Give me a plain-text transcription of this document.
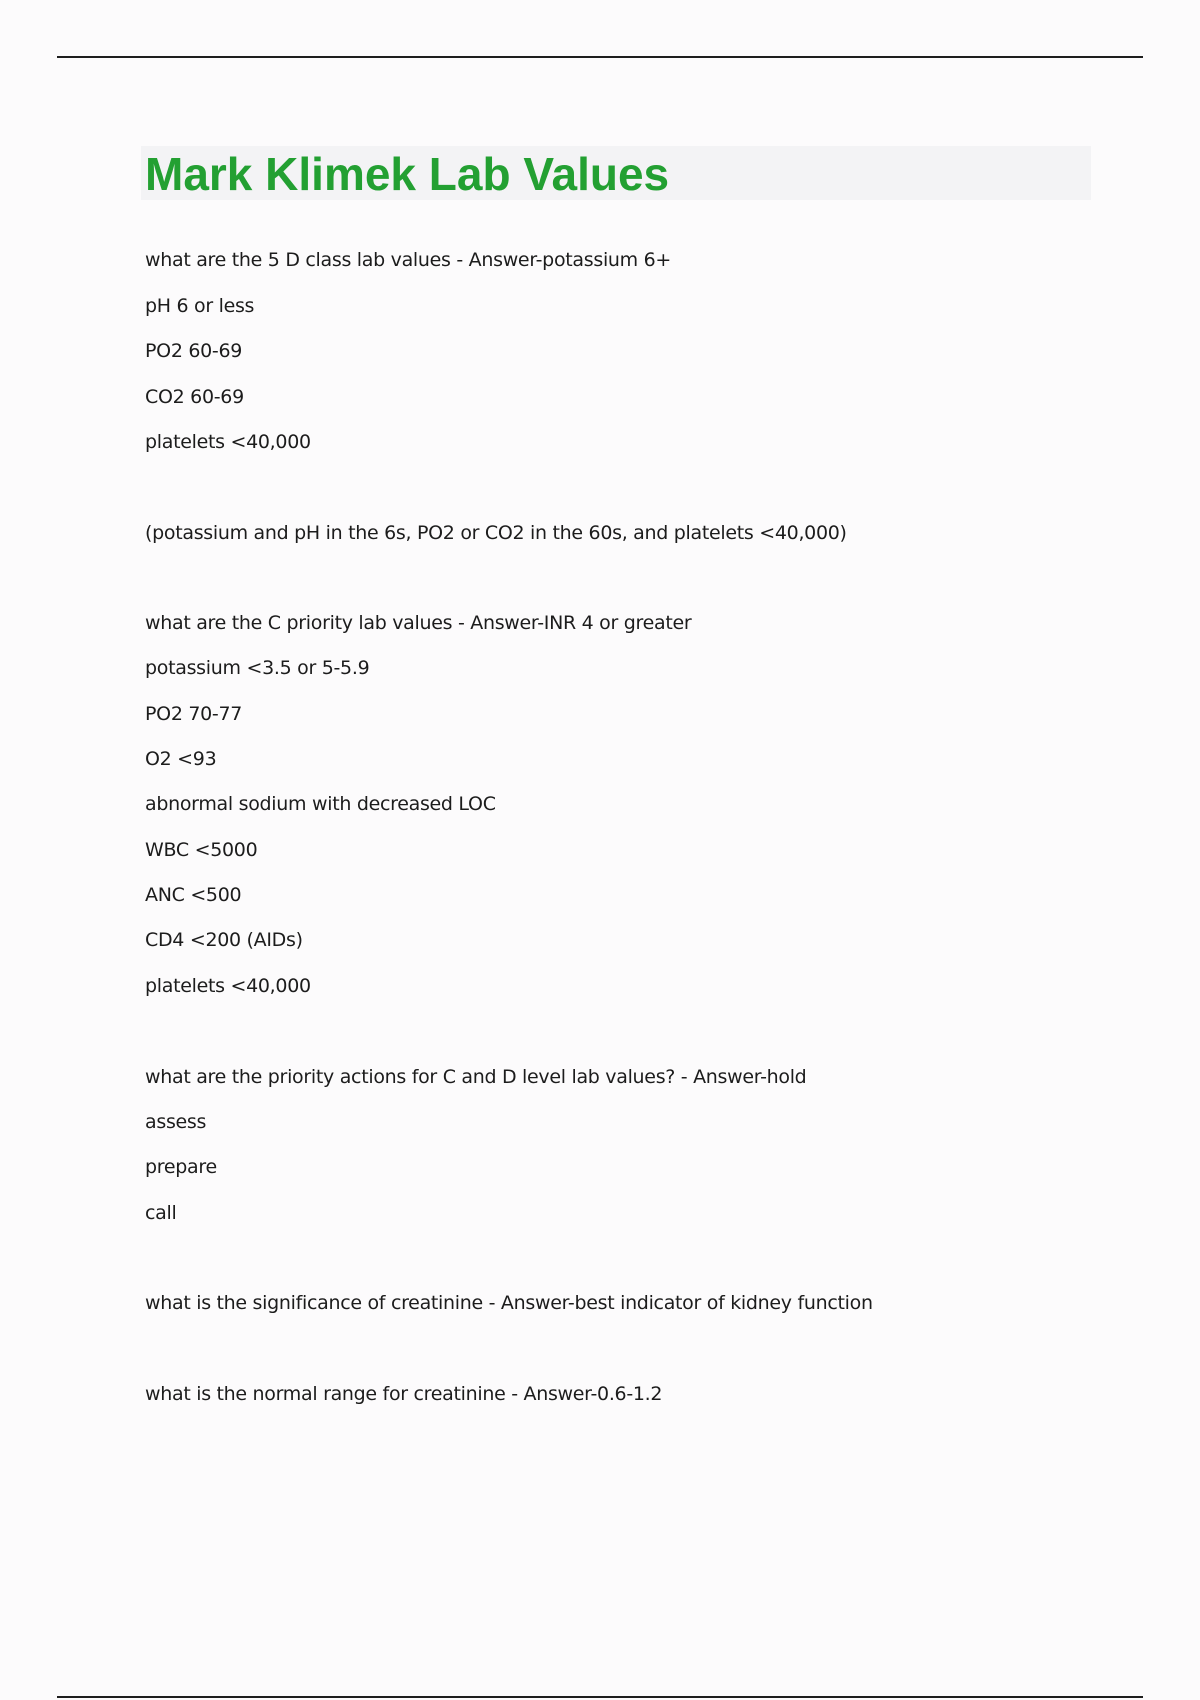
Mark Klimek Lab Values

what are the 5 D class lab values - Answer-potassium 6+

pH 6 or less

PO2 60-69

CO2 60-69

platelets <40,000

(potassium and pH in the 6s, PO2 or CO2 in the 60s, and platelets <40,000)

what are the C priority lab values - Answer-INR 4 or greater

potassium <3.5 or 5-5.9

PO2 70-77

O2 <93

abnormal sodium with decreased LOC

WBC <5000

ANC <500

CD4 <200 (AIDs)

platelets <40,000

what are the priority actions for C and D level lab values? - Answer-hold

assess

prepare

call

what is the significance of creatinine - Answer-best indicator of kidney function

what is the normal range for creatinine - Answer-0.6-1.2
